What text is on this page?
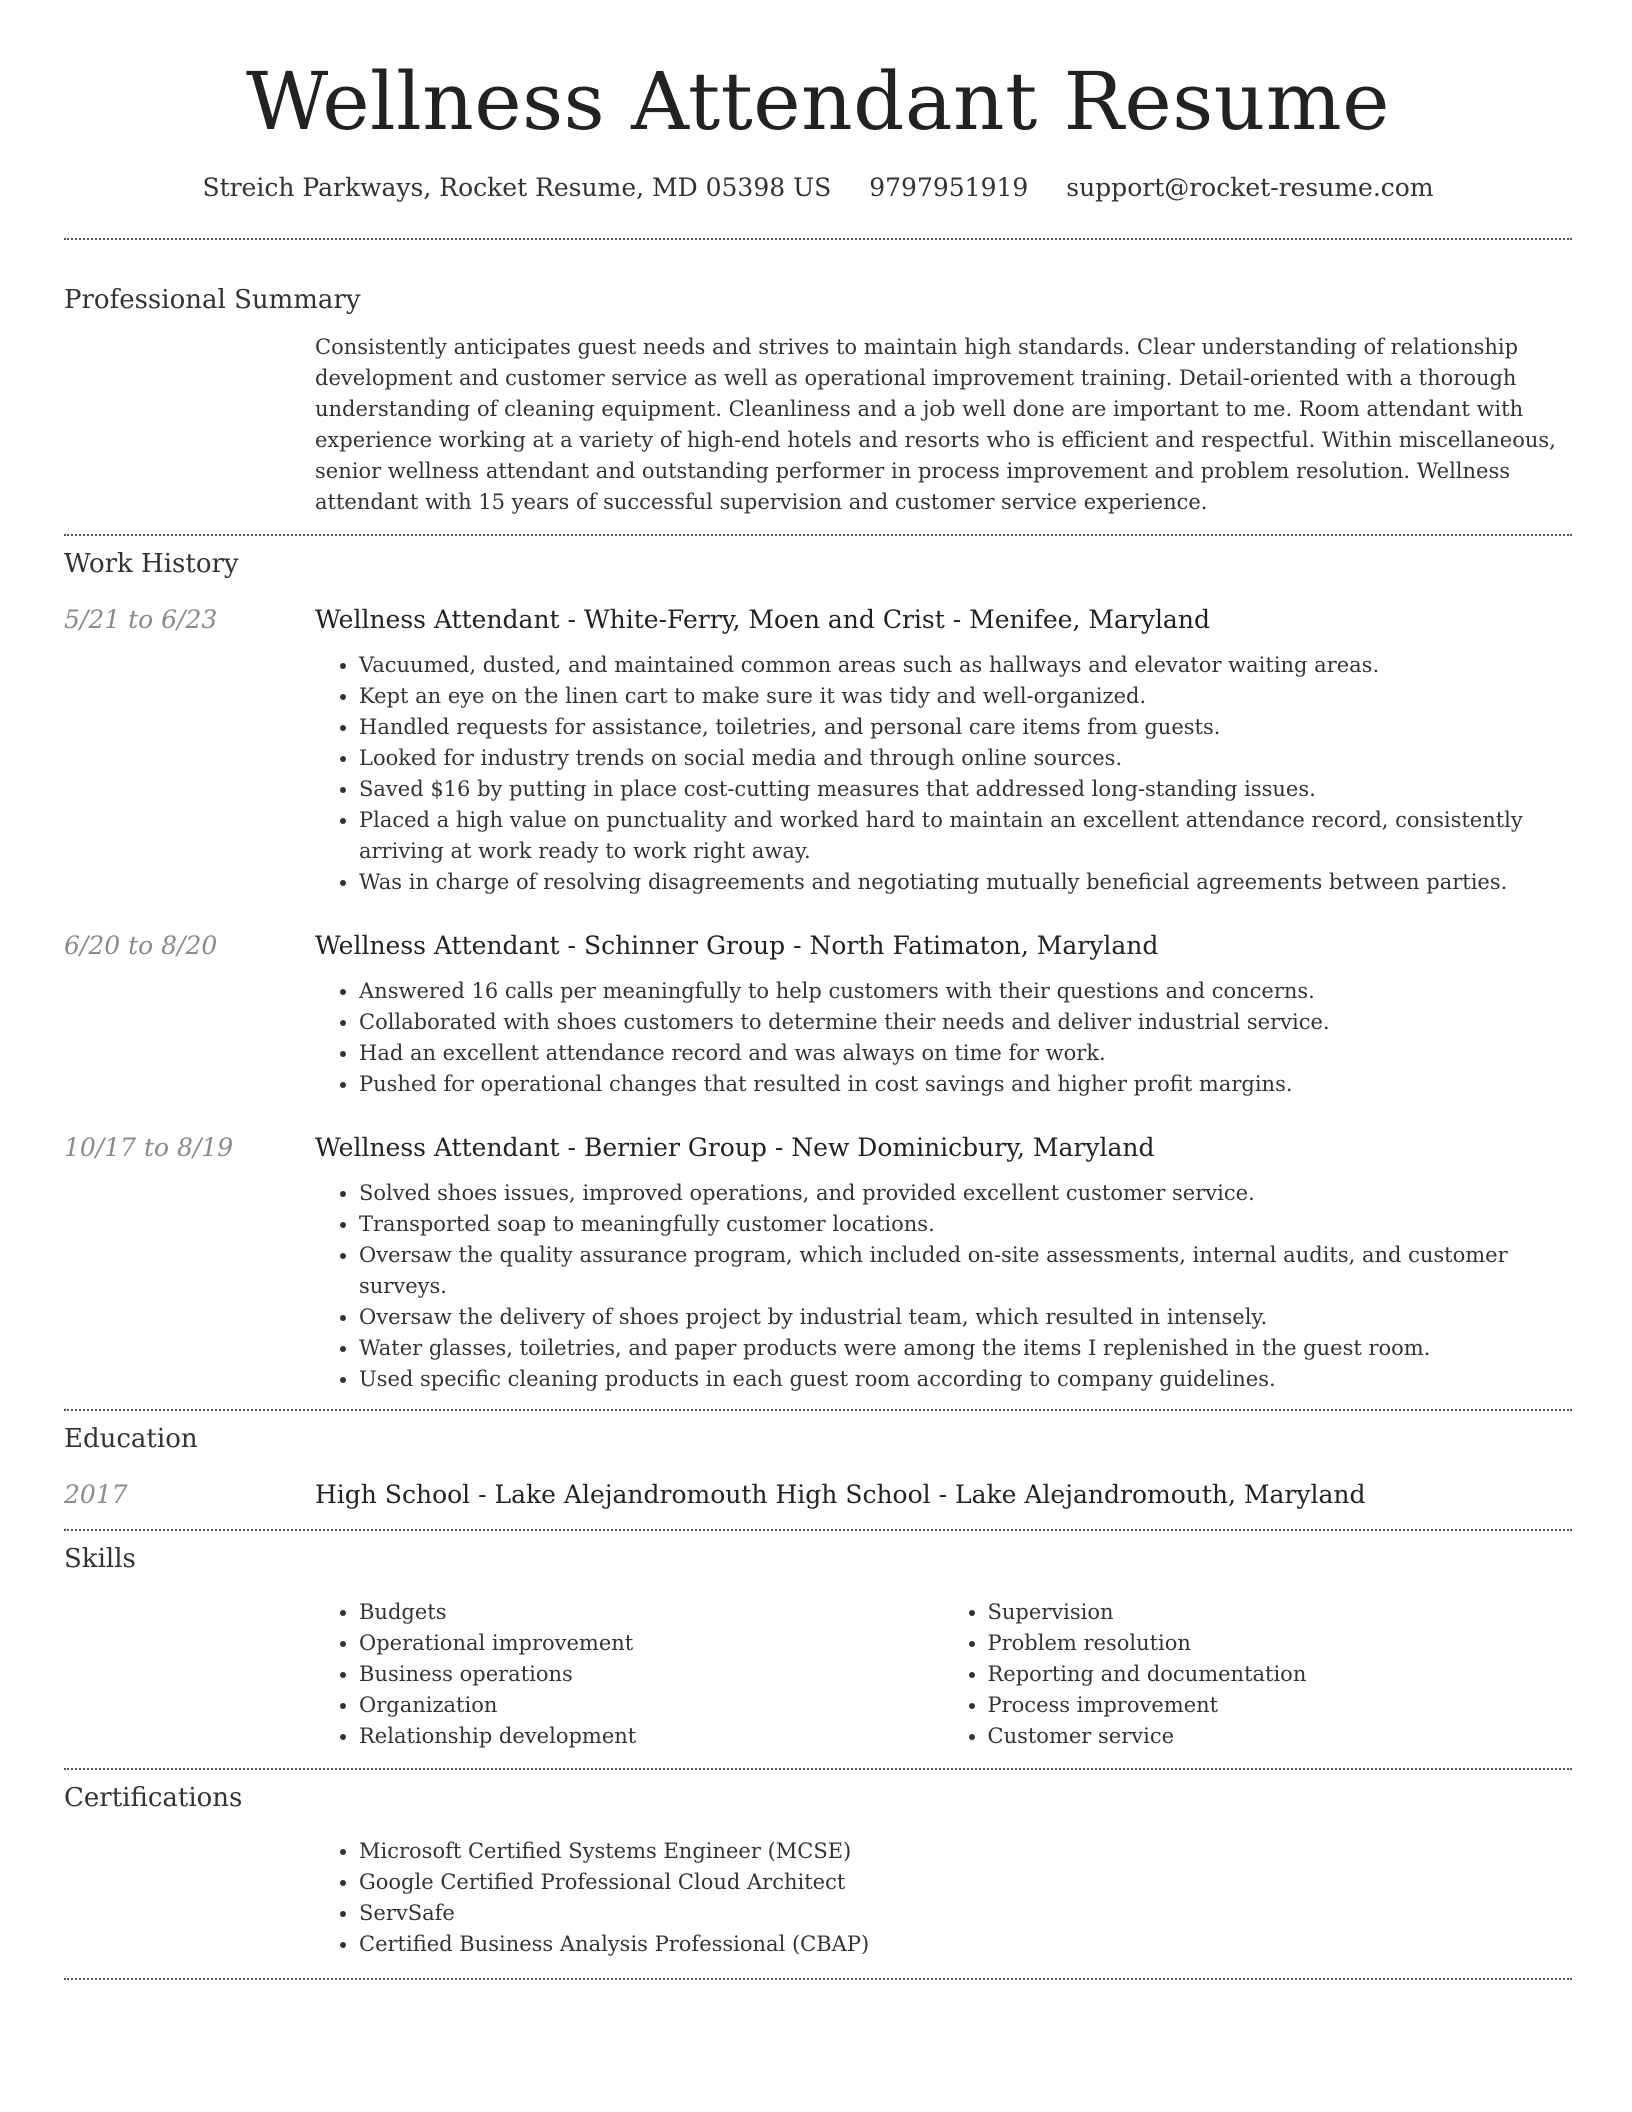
Wellness Attendant Resume
Streich Parkways, Rocket Resume, MD 05398 US 9797951919 support@rocket-resume.com
Professional Summary
Consistently anticipates guest needs and strives to maintain high standards. Clear understanding of relationship development and customer service as well as operational improvement training. Detail-oriented with a thorough understanding of cleaning equipment. Cleanliness and a job well done are important to me. Room attendant with experience working at a variety of high-end hotels and resorts who is efficient and respectful. Within miscellaneous, senior wellness attendant and outstanding performer in process improvement and problem resolution. Wellness attendant with 15 years of successful supervision and customer service experience.
Work History
5/21 to 6/23	Wellness Attendant - White-Ferry, Moen and Crist - Menifee, Maryland
• Vacuumed, dusted, and maintained common areas such as hallways and elevator waiting areas.
• Kept an eye on the linen cart to make sure it was tidy and well-organized.
• Handled requests for assistance, toiletries, and personal care items from guests.
• Looked for industry trends on social media and through online sources.
• Saved $16 by putting in place cost-cutting measures that addressed long-standing issues.
• Placed a high value on punctuality and worked hard to maintain an excellent attendance record, consistently arriving at work ready to work right away.
• Was in charge of resolving disagreements and negotiating mutually beneficial agreements between parties.
6/20 to 8/20	Wellness Attendant - Schinner Group - North Fatimaton, Maryland
• Answered 16 calls per meaningfully to help customers with their questions and concerns.
• Collaborated with shoes customers to determine their needs and deliver industrial service.
• Had an excellent attendance record and was always on time for work.
• Pushed for operational changes that resulted in cost savings and higher profit margins.
10/17 to 8/19	Wellness Attendant - Bernier Group - New Dominicbury, Maryland
• Solved shoes issues, improved operations, and provided excellent customer service.
• Transported soap to meaningfully customer locations.
• Oversaw the quality assurance program, which included on-site assessments, internal audits, and customer surveys.
• Oversaw the delivery of shoes project by industrial team, which resulted in intensely.
• Water glasses, toiletries, and paper products were among the items I replenished in the guest room.
• Used specific cleaning products in each guest room according to company guidelines.
Education
2017	High School - Lake Alejandromouth High School - Lake Alejandromouth, Maryland
Skills
• Budgets
• Operational improvement
• Business operations
• Organization
• Relationship development
• Supervision
• Problem resolution
• Reporting and documentation
• Process improvement
• Customer service
Certifications
• Microsoft Certified Systems Engineer (MCSE)
• Google Certified Professional Cloud Architect
• ServSafe
• Certified Business Analysis Professional (CBAP)
